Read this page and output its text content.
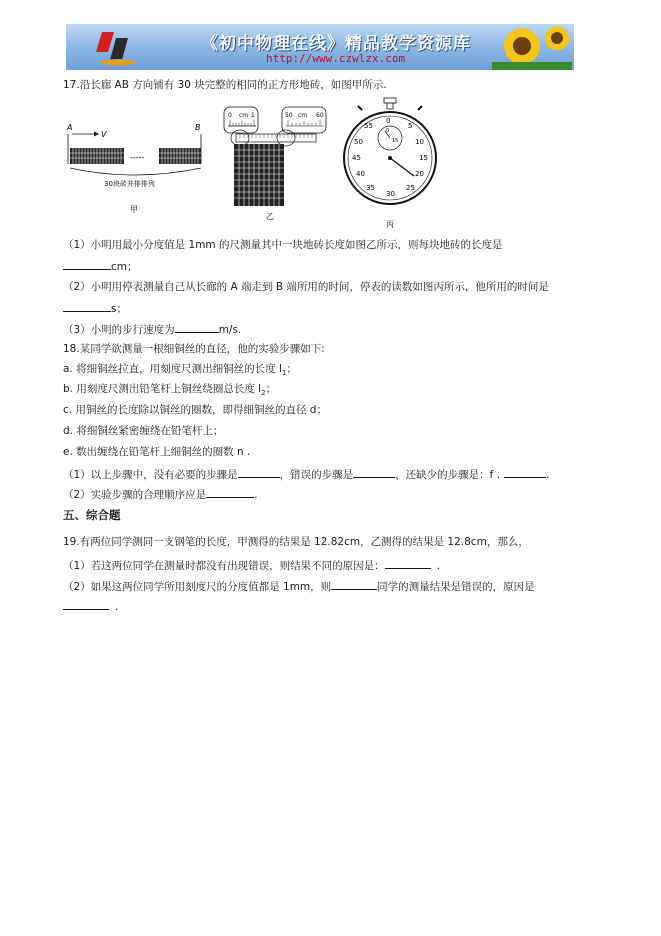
《初中物理在线》精品教学资源库
http://www.czwlzx.com
17.沿长廊 AB 方向铺有 30 块完整的相同的正方形地砖，如图甲所示.
A	B
V
-----
30块砖并排排列
甲
0 cm 1	50 cm 60
乙
0
15
0
5
10
15
20
25
30
35
40
45
50
55
丙
（1）小明用最小分度值是 1mm 的尺测量其中一块地砖长度如图乙所示，则每块地砖的长度是
cm；
（2）小明用停表测量自己从长廊的 A 端走到 B 端所用的时间，停表的读数如图丙所示，他所用的时间是
s；
（3）小明的步行速度为	m/s.
18.某同学欲测量一根细铜丝的直径，他的实验步骤如下:
a. 将细铜丝拉直，用刻度尺测出细铜丝的长度 $l_1$；
b. 用刻度尺测出铅笔杆上铜丝绕圈总长度 $l_2$；
c. 用铜丝的长度除以铜丝的圈数，即得细铜丝的直径 d；
d. 将细铜丝紧密缠绕在铅笔杆上；
e. 数出缠绕在铅笔杆上细铜丝的圈数 n .
（1）以上步骤中，没有必要的步骤是	，错误的步骤是	，还缺少的步骤是：f .	.
（2）实验步骤的合理顺序应是	.
五、综合题
19.有两位同学测同一支钢笔的长度，甲测得的结果是 12.82cm，乙测得的结果是 12.8cm，那么，
（1）若这两位同学在测量时都没有出现错误，则结果不同的原因是：	.
（2）如果这两位同学所用刻度尺的分度值都是 1mm，则	同学的测量结果是错误的，原因是
.
